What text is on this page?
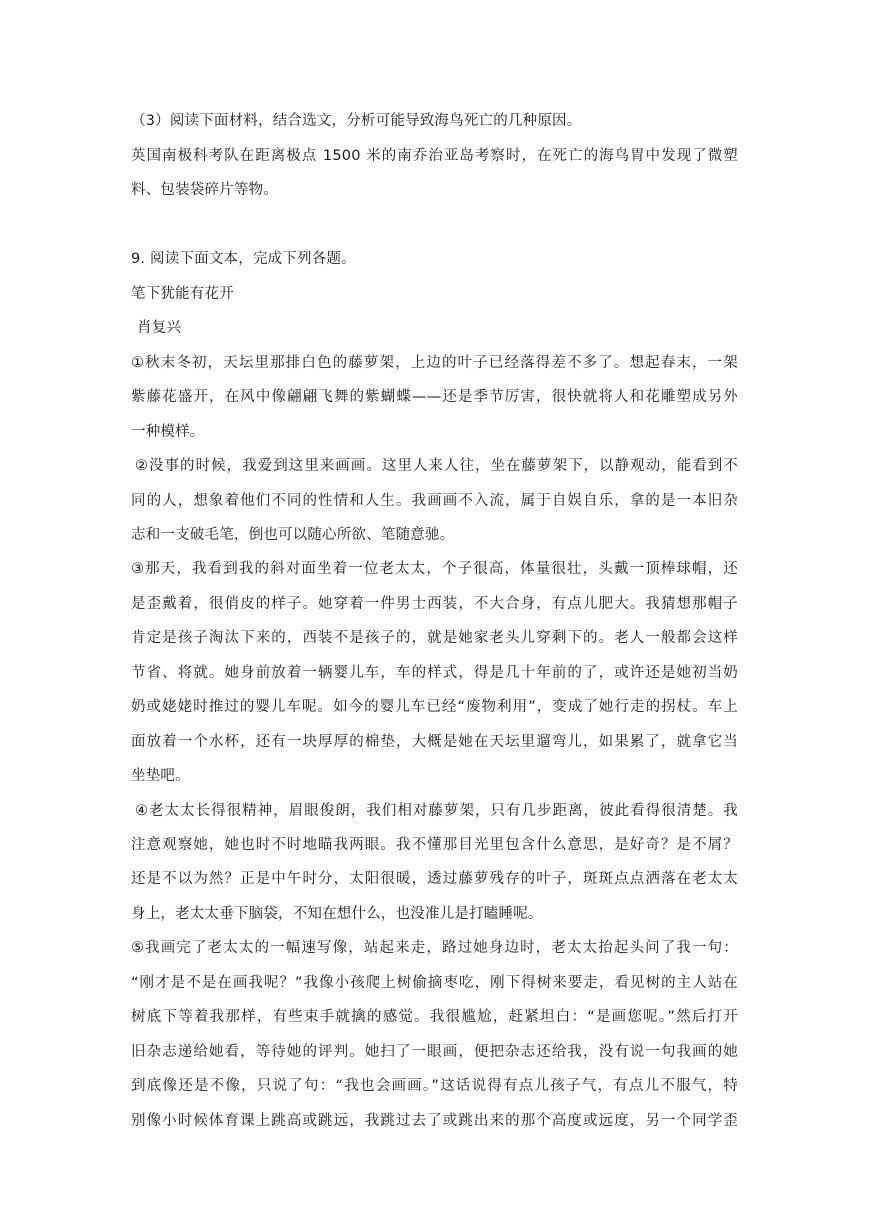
（3）阅读下面材料，结合选文，分析可能导致海鸟死亡的几种原因。
英国南极科考队在距离极点 1500 米的南乔治亚岛考察时，在死亡的海鸟胃中发现了微塑
料、包装袋碎片等物。
9. 阅读下面文本，完成下列各题。
笔下犹能有花开
肖复兴
①秋末冬初，天坛里那排白色的藤萝架，上边的叶子已经落得差不多了。想起春末，一架
紫藤花盛开，在风中像翩翩飞舞的紫蝴蝶——还是季节厉害，很快就将人和花雕塑成另外
一种模样。
②没事的时候，我爱到这里来画画。这里人来人往，坐在藤萝架下，以静观动，能看到不
同的人，想象着他们不同的性情和人生。我画画不入流，属于自娱自乐，拿的是一本旧杂
志和一支破毛笔，倒也可以随心所欲、笔随意驰。
③那天，我看到我的斜对面坐着一位老太太，个子很高，体量很壮，头戴一顶棒球帽，还
是歪戴着，很俏皮的样子。她穿着一件男士西装，不大合身，有点儿肥大。我猜想那帽子
肯定是孩子淘汰下来的，西装不是孩子的，就是她家老头儿穿剩下的。老人一般都会这样
节省、将就。她身前放着一辆婴儿车，车的样式，得是几十年前的了，或许还是她初当奶
奶或姥姥时推过的婴儿车呢。如今的婴儿车已经“废物利用”，变成了她行走的拐杖。车上
面放着一个水杯，还有一块厚厚的棉垫，大概是她在天坛里遛弯儿，如果累了，就拿它当
坐垫吧。
④老太太长得很精神，眉眼俊朗，我们相对藤萝架，只有几步距离，彼此看得很清楚。我
注意观察她，她也时不时地瞄我两眼。我不懂那目光里包含什么意思，是好奇？是不屑？
还是不以为然？正是中午时分，太阳很暖，透过藤萝残存的叶子，斑斑点点洒落在老太太
身上，老太太垂下脑袋，不知在想什么，也没准儿是打瞌睡呢。
⑤我画完了老太太的一幅速写像，站起来走，路过她身边时，老太太抬起头问了我一句：
“刚才是不是在画我呢？”我像小孩爬上树偷摘枣吃，刚下得树来要走，看见树的主人站在
树底下等着我那样，有些束手就擒的感觉。我很尴尬，赶紧坦白：“是画您呢。”然后打开
旧杂志递给她看，等待她的评判。她扫了一眼画，便把杂志还给我，没有说一句我画的她
到底像还是不像，只说了句：“我也会画画。”这话说得有点儿孩子气，有点儿不服气，特
别像小时候体育课上跳高或跳远，我跳过去了或跳出来的那个高度或远度，另一个同学歪
